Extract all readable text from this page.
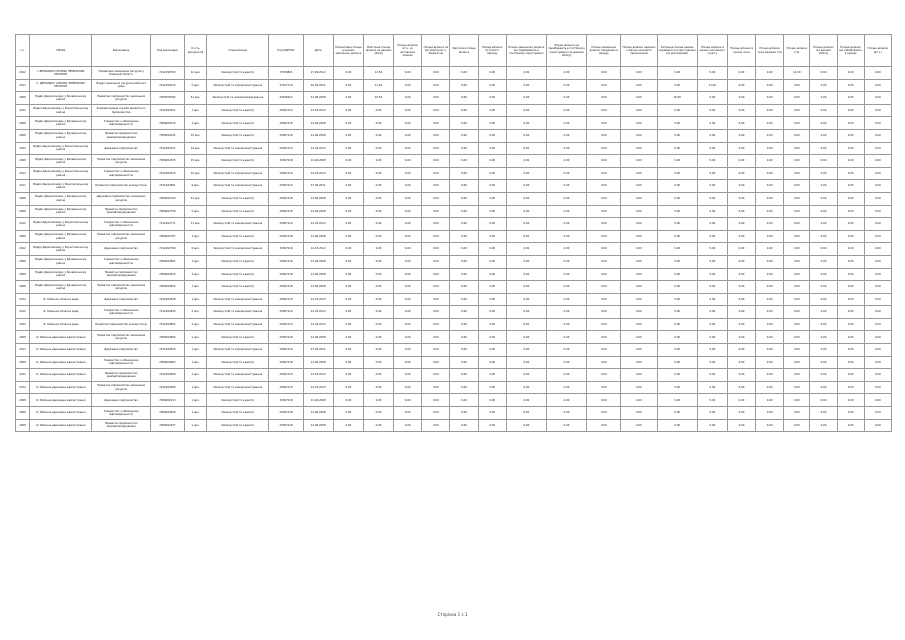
I.e.	CMSDA	Виконавець	Код виконавця	К-ість документів	Спеціалізація	Код ЄДРПОУ	Дата	Нормативна площа основних земельних ділянок	Фактична площа ділянок за даними обліку	Площа ділянок вт.ч. за договором оренди	Площа ділянок за договором вт.ч. бюджетна	Фактична площа ділянок	Площа ділянок поточного періоду	Площа земельних ділянок що перебувають в постійному користуванні	Площа ділянок що перебувають в постійному користуванні (за даними обліку)	Площа земельних ділянок переданих в оренду	Площа ділянок наданих з зміною цільового призначення	Загальна площа земель переданих в користування (за договорами)	Площа ділянок в межах населеного пункту	Площа ділянок в межах зони	Площа ділянок поза межами (га)	Площа ділянок (га)	Площа ділянок (за даними обліку)	Площа ділянок що перебувають в оренді	Площа ділянок (вт.ч.)
2012	І. ДЕРЖАВНА СЛУЖБА ЗЕМЕЛЬНИХ РЕСУРСІВ	Управління земельних ресурсів у Київській області	7012490793	12 арк.	Землеустрій та кадастр	37458821	27.09.2012	0,00	12,50	0,00	0,00	0,00	0,00	0,00	0,00	0,00	0,00	0,00	0,00	0,00	0,00	12,50	0,00	0,00	0,00
2011	ІІ. ДЕРЖАВНА СЛУЖБА ЗЕМЕЛЬНИХ РЕСУРСІВ	Відділ земельних ресурсів районної ради	7012456212	5 арк.	Землеустрій та землекористування	37457710	26.09.2011	0,00	11,40	0,00	0,00	0,00	0,00	0,00	0,00	0,00	0,00	0,00	11,40	0,00	0,00	0,00	0,00	0,00	0,00
2008	Відділ Держкомзему у Броварському районі	Приватне підприємство земельних ресурсів	7008458794	31 арк.	Землеустрій та землевпорядкування	34298422	21.08.2008	0,00	16,50	0,00	0,00	0,00	0,00	0,00	0,00	0,00	0,00	16,50	0,00	0,00	0,00	0,00	0,00	0,00	0,00
2012	Відділ Держкомзему у Бориспільському районі	Землевпорядна служба приватного підприємства	7012462251	7 арк.	Землеустрій та кадастр	34567213	12.03.2012	0,00	0,00	0,00	0,00	0,00	0,00	0,00	0,00	0,00	0,00	0,00	0,00	0,00	0,00	0,00	0,00	0,00	0,00
2008	Відділ Держкомзему у Броварському районі	Товариство з обмеженою відповідальністю	7008462015	2 арк.	Землеустрій та кадастр	34567218	12.06.2008	0,00	0,00	0,00	0,00	0,00	0,00	0,00	0,00	0,00	0,00	0,00	0,00	0,00	0,00	0,00	0,00	0,00	0,00
2008	Відділ Держкомзему у Броварському районі	Приватне підприємство землевпорядкування	7008462032	10 арк.	Землеустрій та кадастр	34567218	12.06.2008	0,00	0,00	0,00	0,00	0,00	0,00	0,00	0,00	0,00	0,00	0,00	0,00	0,00	0,00	0,00	0,00	0,00	0,00
2012	Відділ Держкомзему у Бориспільському районі	Державне підприємство	7012462321	14 арк.	Землеустрій та землекористування	34567219	12.03.2012	0,00	0,00	0,00	0,00	0,00	0,00	0,00	0,00	0,00	0,00	0,00	0,00	0,00	0,00	0,00	0,00	0,00	0,00
2008	Відділ Держкомзему у Броварському районі	Приватне підприємство земельних ресурсів	7008462335	15 арк.	Землеустрій та кадастр	34567218	12.06.2008	0,00	0,00	0,00	0,00	0,00	0,00	0,00	0,00	0,00	0,00	0,00	0,00	0,00	0,00	0,00	0,00	0,00	0,00
2012	Відділ Держкомзему у Бориспільському районі	Товариство з обмеженою відповідальністю	7012462914	10 арк.	Землеустрій та землекористування	34567219	12.03.2012	0,00	0,00	0,00	0,00	0,00	0,00	0,00	0,00	0,00	0,00	0,00	0,00	0,00	0,00	0,00	0,00	0,00	0,00
2011	Відділ Держкомзему у Вишгородському районі	Приватне підприємство землеустрою	7011462891	9 арк.	Землеустрій та землекористування	34567210	27.09.2011	0,00	0,00	0,00	0,00	0,00	0,00	0,00	0,00	0,00	0,00	0,00	0,00	0,00	0,00	0,00	0,00	0,00	0,00
2008	Відділ Держкомзему у Броварському районі	Державне підприємство земельних ресурсів	7008462743	31 арк.	Землеустрій та кадастр	34567218	12.06.2008	0,00	0,00	0,00	0,00	0,00	0,00	0,00	0,00	0,00	0,00	0,00	0,00	0,00	0,00	0,00	0,00	0,00	0,00
2008	Відділ Держкомзему у Броварському районі	Приватне підприємство землевпорядкування	7008462758	5 арк.	Землеустрій та кадастр	34567218	12.06.2008	0,00	0,00	0,00	0,00	0,00	0,00	0,00	0,00	0,00	0,00	0,00	0,00	0,00	0,00	0,00	0,00	0,00	0,00
2012	Відділ Держкомзему у Бориспільському районі	Товариство з обмеженою відповідальністю	7012462771	11 арк.	Землеустрій та землекористування	34567219	12.03.2012	0,00	0,00	0,00	0,00	0,00	0,00	0,00	0,00	0,00	0,00	0,00	0,00	0,00	0,00	0,00	0,00	0,00	0,00
2008	Відділ Держкомзему у Броварському районі	Приватне підприємство земельних ресурсів	7008462787	3 арк.	Землеустрій та кадастр	34567218	12.06.2008	0,00	0,00	0,00	0,00	0,00	0,00	0,00	0,00	0,00	0,00	0,00	0,00	0,00	0,00	0,00	0,00	0,00	0,00
2012	Відділ Держкомзему у Бориспільському районі	Державне підприємство	7012462790	6 арк.	Землеустрій та землекористування	34567219	12.03.2012	0,00	0,00	0,00	0,00	0,00	0,00	0,00	0,00	0,00	0,00	0,00	0,00	0,00	0,00	0,00	0,00	0,00	0,00
2008	Відділ Держкомзему у Броварському районі	Товариство з обмеженою відповідальністю	7008462801	2 арк.	Землеустрій та кадастр	34567218	12.06.2008	0,00	0,00	0,00	0,00	0,00	0,00	0,00	0,00	0,00	0,00	0,00	0,00	0,00	0,00	0,00	0,00	0,00	0,00
2008	Відділ Держкомзему у Броварському районі	Приватне підприємство землевпорядкування	7008462815	4 арк.	Землеустрій та кадастр	34567218	12.06.2008	0,00	0,00	0,00	0,00	0,00	0,00	0,00	0,00	0,00	0,00	0,00	0,00	0,00	0,00	0,00	0,00	0,00	0,00
2008	Відділ Держкомзему у Броварському районі	Приватне підприємство земельних ресурсів	7008462822	7 арк.	Землеустрій та кадастр	34567218	12.06.2008	0,00	0,00	0,00	0,00	0,00	0,00	0,00	0,00	0,00	0,00	0,00	0,00	0,00	0,00	0,00	0,00	0,00	0,00
2012	ІІІ. Київська обласна рада	Державне підприємство	7012462838	1 арк.	Землеустрій та землекористування	34567219	12.03.2012	0,00	0,00	0,00	0,00	0,00	0,00	0,00	0,00	0,00	0,00	0,00	0,00	0,00	0,00	0,00	0,00	0,00	0,00
2012	ІІІ. Київська обласна рада	Товариство з обмеженою відповідальністю	7012462845	2 арк.	Землеустрій та землекористування	34567219	12.03.2012	0,00	0,00	0,00	0,00	0,00	0,00	0,00	0,00	0,00	0,00	0,00	0,00	0,00	0,00	0,00	0,00	0,00	0,00
2012	ІІІ. Київська обласна рада	Приватне підприємство землеустрою	7012462852	4 арк.	Землеустрій та землекористування	34567219	12.03.2012	0,00	0,00	0,00	0,00	0,00	0,00	0,00	0,00	0,00	0,00	0,00	0,00	0,00	0,00	0,00	0,00	0,00	0,00
2008	ІV. Районна державна адміністрація	Приватне підприємство земельних ресурсів	7008462869	1 арк.	Землеустрій та кадастр	34567218	12.06.2008	0,00	0,00	0,00	0,00	0,00	0,00	0,00	0,00	0,00	0,00	0,00	0,00	0,00	0,00	0,00	0,00	0,00	0,00
2011	ІV. Районна державна адміністрація	Державне підприємство	7011462876	1 арк.	Землеустрій та землекористування	34567210	27.09.2011	0,00	0,00	0,00	0,00	0,00	0,00	0,00	0,00	0,00	0,00	0,00	0,00	0,00	0,00	0,00	0,00	0,00	0,00
2008	ІV. Районна державна адміністрація	Товариство з обмеженою відповідальністю	7008462883	1 арк.	Землеустрій та кадастр	34567218	12.06.2008	0,00	0,00	0,00	0,00	0,00	0,00	0,00	0,00	0,00	0,00	0,00	0,00	0,00	0,00	0,00	0,00	0,00	0,00
2012	ІV. Районна державна адміністрація	Приватне підприємство землевпорядкування	7012462890	1 арк.	Землеустрій та землекористування	34567219	12.03.2012	0,00	0,00	0,00	0,00	0,00	0,00	0,00	0,00	0,00	0,00	0,00	0,00	0,00	0,00	0,00	0,00	0,00	0,00
2012	ІV. Районна державна адміністрація	Приватне підприємство земельних ресурсів	7012462906	1 арк.	Землеустрій та землекористування	34567219	12.03.2012	0,00	0,00	0,00	0,00	0,00	0,00	0,00	0,00	0,00	0,00	0,00	0,00	0,00	0,00	0,00	0,00	0,00	0,00
2008	ІV. Районна державна адміністрація	Державне підприємство	7008462913	1 арк.	Землеустрій та кадастр	34567218	12.06.2008	0,00	0,00	0,00	0,00	0,00	0,00	0,00	0,00	0,00	0,00	0,00	0,00	0,00	0,00	0,00	0,00	0,00	0,00
2008	ІV. Районна державна адміністрація	Товариство з обмеженою відповідальністю	7008462920	1 арк.	Землеустрій та кадастр	34567218	12.06.2008	0,00	0,00	0,00	0,00	0,00	0,00	0,00	0,00	0,00	0,00	0,00	0,00	0,00	0,00	0,00	0,00	0,00	0,00
2008	ІV. Районна державна адміністрація	Приватне підприємство землевпорядкування	7008462937	1 арк.	Землеустрій та кадастр	34567218	12.06.2008	0,00	0,00	0,00	0,00	0,00	0,00	0,00	0,00	0,00	0,00	0,00	0,00	0,00	0,00	0,00	0,00	0,00	0,00
Сторінка 1 з 1
